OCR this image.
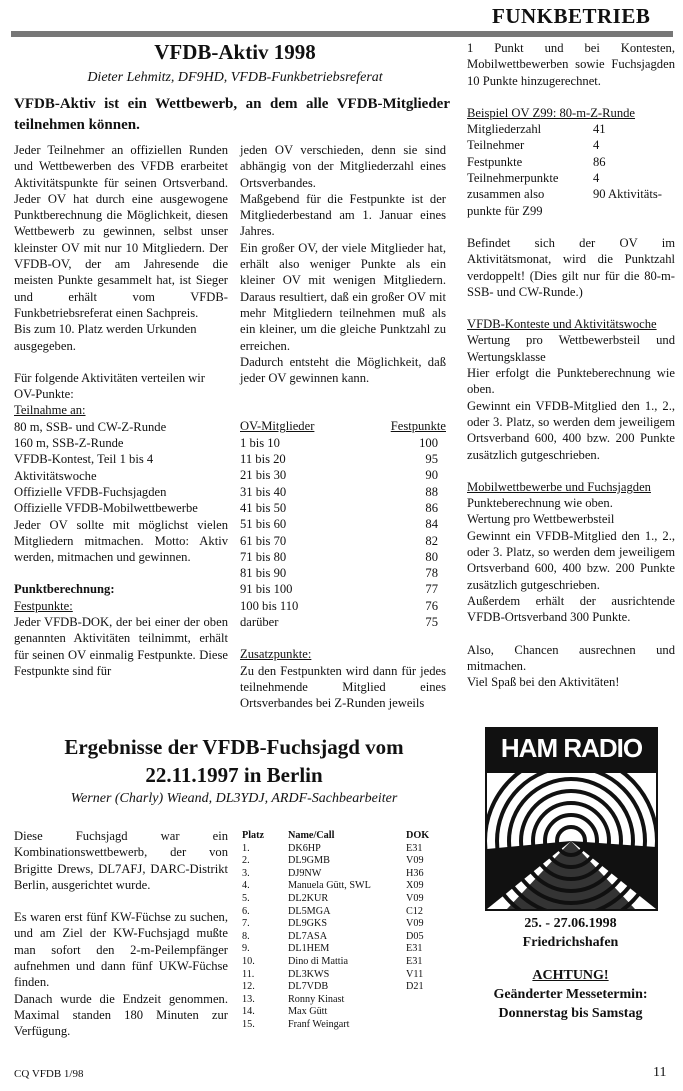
FUNKBETRIEB
VFDB-Aktiv 1998
Dieter Lehmitz, DF9HD, VFDB-Funkbetriebsreferat
VFDB-Aktiv ist ein Wettbewerb, an dem alle VFDB-Mitglieder teilnehmen können.

Jeder Teilnehmer an offiziellen Runden und Wettbewerben des VFDB erarbeitet Aktivitätspunkte für seinen Ortsverband. Jeder OV hat durch eine ausgewogene Punktberechnung die Möglichkeit, diesen Wettbewerb zu gewinnen, selbst unser kleinster OV mit nur 10 Mitgliedern. Der VFDB-OV, der am Jahresende die meisten Punkte gesammelt hat, ist Sieger und erhält vom VFDB-Funkbetriebsreferat einen Sachpreis.

Bis zum 10. Platz werden Urkunden ausgegeben.

Für folgende Aktivitäten verteilen wir OV-Punkte:

Teilnahme an:

80 m, SSB- und CW-Z-Runde
160 m, SSB-Z-Runde
VFDB-Kontest, Teil 1 bis 4
Aktivitätswoche
Offizielle VFDB-Fuchsjagden
Offizielle VFDB-Mobilwettbewerbe

Jeder OV sollte mit möglichst vielen Mitgliedern mitmachen. Motto: Aktiv werden, mitmachen und gewinnen.

Punktberechnung:

Festpunkte:

Jeder VFDB-DOK, der bei einer der oben genannten Aktivitäten teilnimmt, erhält für seinen OV einmalig Festpunkte. Diese Festpunkte sind für

jeden OV verschieden, denn sie sind abhängig von der Mitgliederzahl eines Ortsverbandes.

Maßgebend für die Festpunkte ist der Mitgliederbestand am 1. Januar eines Jahres.

Ein großer OV, der viele Mitglieder hat, erhält also weniger Punkte als ein kleiner OV mit wenigen Mitgliedern. Daraus resultiert, daß ein großer OV mit mehr Mitgliedern teilnehmen muß als ein kleiner, um die gleiche Punktzahl zu erreichen.

Dadurch entsteht die Möglichkeit, daß jeder OV gewinnen kann.

OV-Mitglieder	Festpunkte
1 bis 10	100
11 bis 20	95
21 bis 30	90
31 bis 40	88
41 bis 50	86
51 bis 60	84
61 bis 70	82
71 bis 80	80
81 bis 90	78
91 bis 100	77
100 bis 110	76
darüber	75

Zusatzpunkte:

Zu den Festpunkten wird dann für jedes teilnehmende Mitglied eines Ortsverbandes bei Z-Runden jeweils

1 Punkt und bei Kontesten, Mobilwettbewerben sowie Fuchsjagden 10 Punkte hinzugerechnet.

Beispiel OV Z99: 80-m-Z-Runde

Mitgliederzahl	41
Teilnehmer	4
Festpunkte	86
Teilnehmerpunkte	4
zusammen also	90 Aktivitäts-
punkte für Z99

Befindet sich der OV im Aktivitätsmonat, wird die Punktzahl verdoppelt! (Dies gilt nur für die 80-m-SSB- und CW-Runde.)

VFDB-Konteste und Aktivitätswoche

Wertung pro Wettbewerbsteil und Wertungsklasse

Hier erfolgt die Punkteberechnung wie oben.

Gewinnt ein VFDB-Mitglied den 1., 2., oder 3. Platz, so werden dem jeweiligem Ortsverband 600, 400 bzw. 200 Punkte zusätzlich gutgeschrieben.

Mobilwettbewerbe und Fuchsjagden

Punkteberechnung wie oben.

Wertung pro Wettbewerbsteil

Gewinnt ein VFDB-Mitglied den 1., 2., oder 3. Platz, so werden dem jeweiligem Ortsverband 600, 400 bzw. 200 Punkte zusätzlich gutgeschrieben.

Außerdem erhält der ausrichtende VFDB-Ortsverband 300 Punkte.

Also, Chancen ausrechnen und mitmachen.

Viel Spaß bei den Aktivitäten!

Ergebnisse der VFDB-Fuchsjagd vom
22.11.1997 in Berlin
Werner (Charly) Wieand, DL3YDJ, ARDF-Sachbearbeiter

Diese Fuchsjagd war ein Kombinationswettbewerb, der von Brigitte Drews, DL7AFJ, DARC-Distrikt Berlin, ausgerichtet wurde.

Es waren erst fünf KW-Füchse zu suchen, und am Ziel der KW-Fuchsjagd mußte man sofort den 2-m-Peilempfänger aufnehmen und dann fünf UKW-Füchse finden.

Danach wurde die Endzeit genommen. Maximal standen 180 Minuten zur Verfügung.

Platz	Name/Call	DOK
1.	DK6HP	E31
2.	DL9GMB	V09
3.	DJ9NW	H36
4.	Manuela Gütt, SWL	X09
5.	DL2KUR	V09
6.	DL5MGA	C12
7.	DL9GKS	V09
8.	DL7ASA	D05
9.	DL1HEM	E31
10.	Dino di Mattia	E31
11.	DL3KWS	V11
12.	DL7VDB	D21
13.	Ronny Kinast	
14.	Max Gütt	
15.	Franf Weingart	
HAM RADIO
25. - 27.06.1998
Friedrichshafen
ACHTUNG!
Geänderter Messetermin:
Donnerstag bis Samstag
CQ VFDB 1/98	11
